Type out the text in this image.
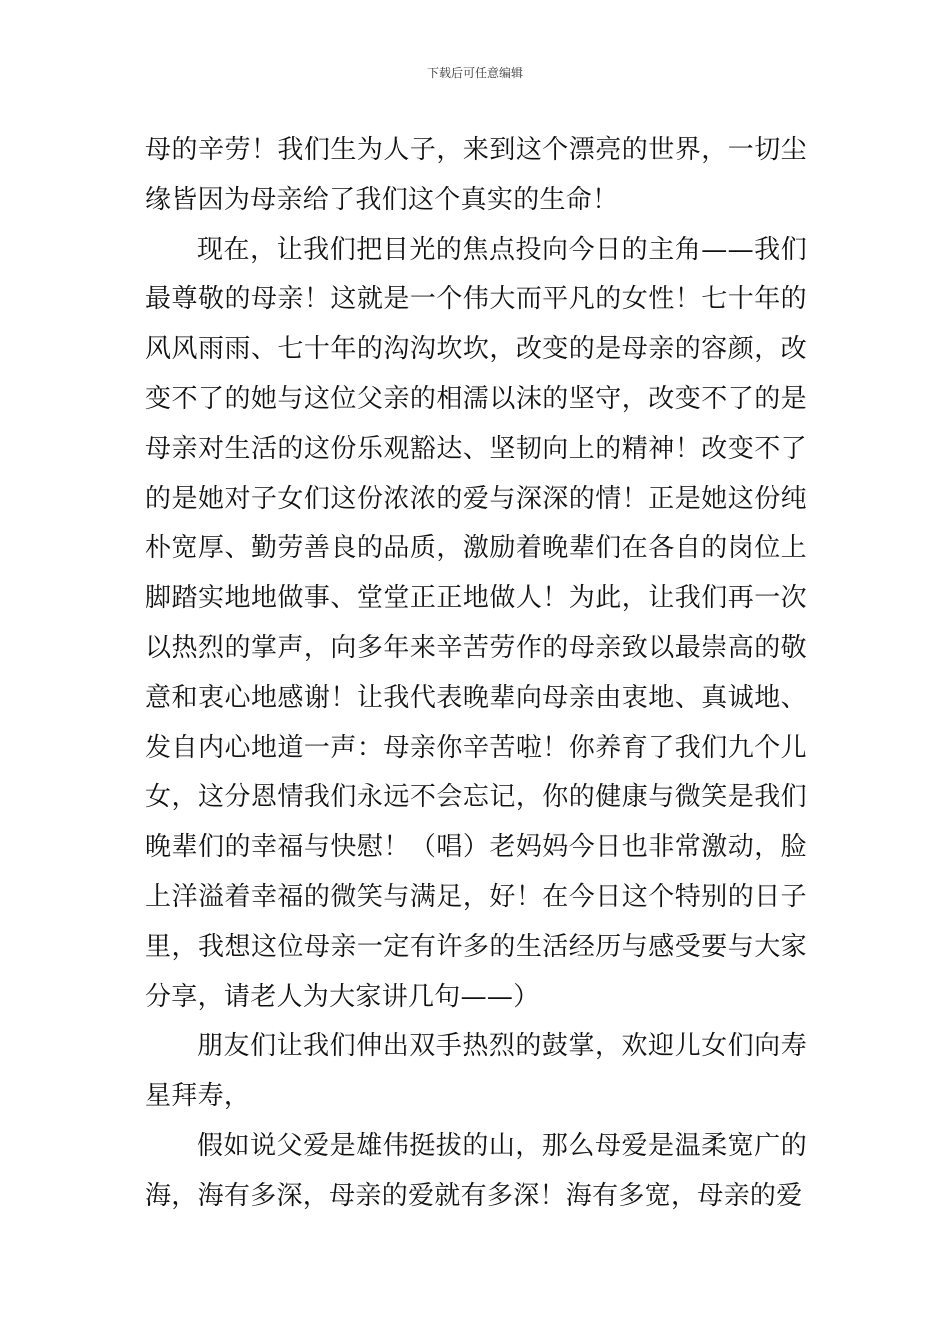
下载后可任意编辑

母的辛劳！我们生为人子，来到这个漂亮的世界，一切尘缘皆因为母亲给了我们这个真实的生命！

现在，让我们把目光的焦点投向今日的主角——我们最尊敬的母亲！这就是一个伟大而平凡的女性！七十年的风风雨雨、七十年的沟沟坎坎，改变的是母亲的容颜，改变不了的她与这位父亲的相濡以沫的坚守，改变不了的是母亲对生活的这份乐观豁达、坚韧向上的精神！改变不了的是她对子女们这份浓浓的爱与深深的情！正是她这份纯朴宽厚、勤劳善良的品质，激励着晚辈们在各自的岗位上脚踏实地地做事、堂堂正正地做人！为此，让我们再一次以热烈的掌声，向多年来辛苦劳作的母亲致以最崇高的敬意和衷心地感谢！让我代表晚辈向母亲由衷地、真诚地、发自内心地道一声：母亲你辛苦啦！你养育了我们九个儿女，这分恩情我们永远不会忘记，你的健康与微笑是我们晚辈们的幸福与快慰！（唱）老妈妈今日也非常激动，脸上洋溢着幸福的微笑与满足，好！在今日这个特别的日子里，我想这位母亲一定有许多的生活经历与感受要与大家分享，请老人为大家讲几句——）

朋友们让我们伸出双手热烈的鼓掌，欢迎儿女们向寿星拜寿，

假如说父爱是雄伟挺拔的山，那么母爱是温柔宽广的海，海有多深，母亲的爱就有多深！海有多宽，母亲的爱
